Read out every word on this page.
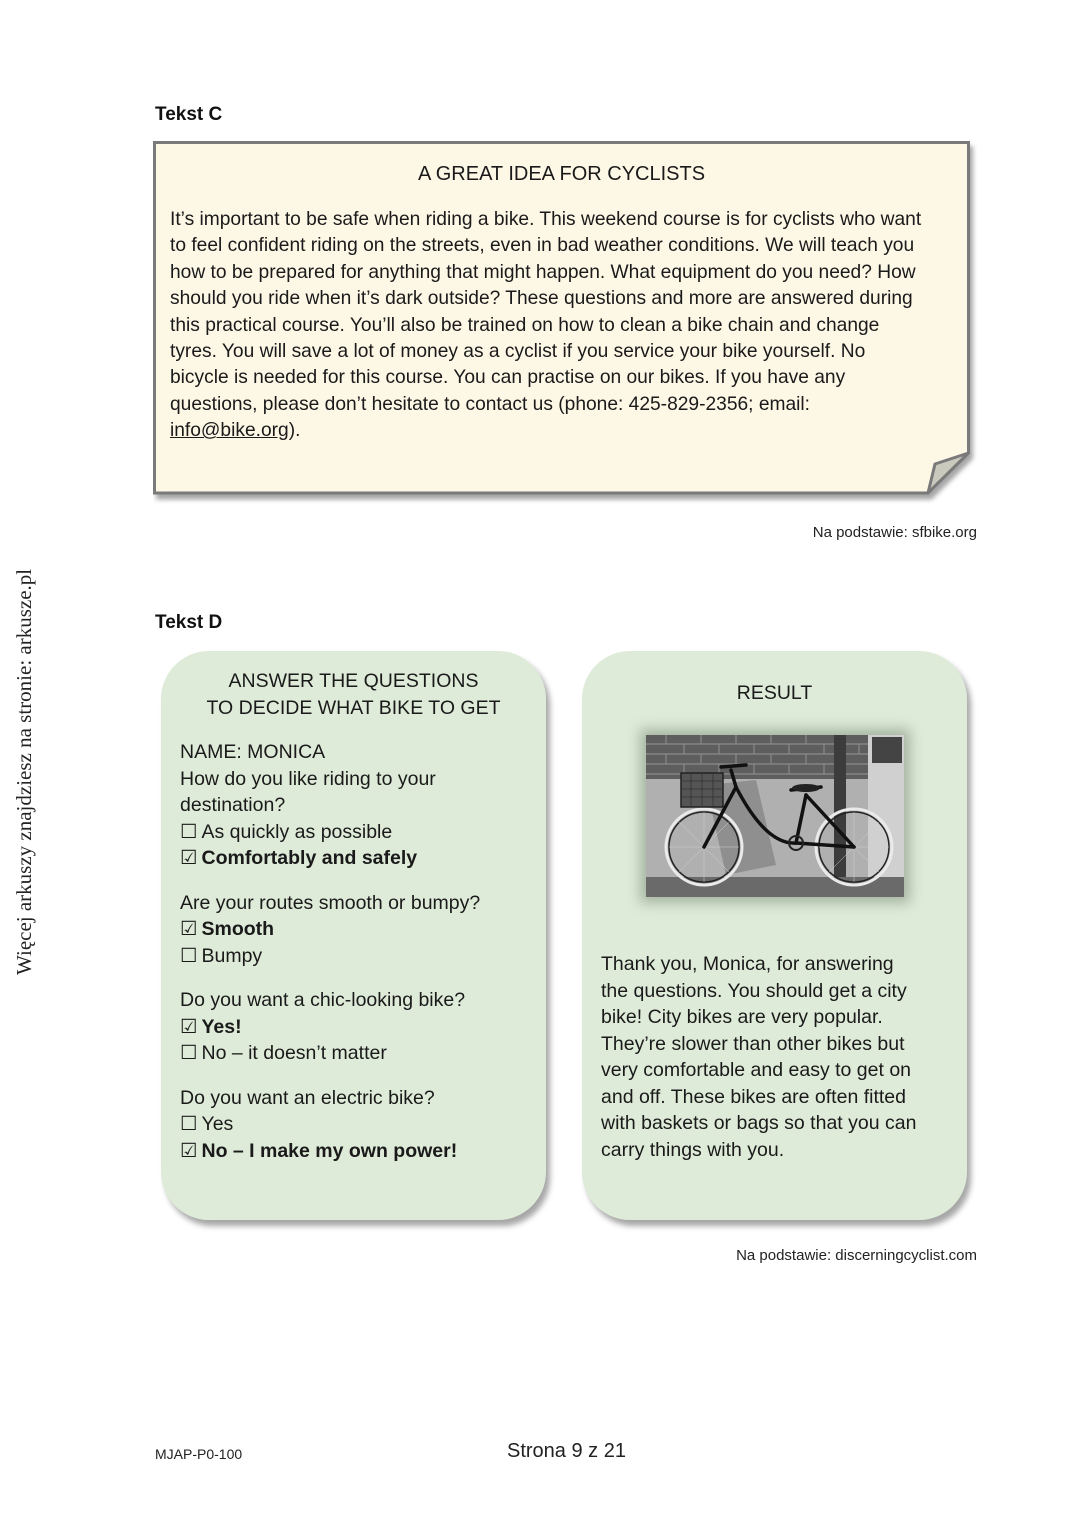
Więcej arkuszy znajdziesz na stronie: arkusze.pl
Tekst C
A GREAT IDEA FOR CYCLISTS
It’s important to be safe when riding a bike. This weekend course is for cyclists who want
to feel confident riding on the streets, even in bad weather conditions. We will teach you
how to be prepared for anything that might happen. What equipment do you need? How
should you ride when it’s dark outside? These questions and more are answered during
this practical course. You’ll also be trained on how to clean a bike chain and change
tyres. You will save a lot of money as a cyclist if you service your bike yourself. No
bicycle is needed for this course. You can practise on our bikes. If you have any
questions, please don’t hesitate to contact us (phone: 425-829-2356; email:
info@bike.org).
Na podstawie: sfbike.org
Tekst D
ANSWER THE QUESTIONS
TO DECIDE WHAT BIKE TO GET
NAME: MONICA
How do you like riding to your
destination?
☐ As quickly as possible
☑ Comfortably and safely
Are your routes smooth or bumpy?
☑ Smooth
☐ Bumpy
Do you want a chic-looking bike?
☑ Yes!
☐ No – it doesn’t matter
Do you want an electric bike?
☐ Yes
☑ No – I make my own power!
RESULT
Thank you, Monica, for answering
the questions. You should get a city
bike! City bikes are very popular.
They’re slower than other bikes but
very comfortable and easy to get on
and off. These bikes are often fitted
with baskets or bags so that you can
carry things with you.
Na podstawie: discerningcyclist.com
MJAP-P0-100	Strona 9 z 21
